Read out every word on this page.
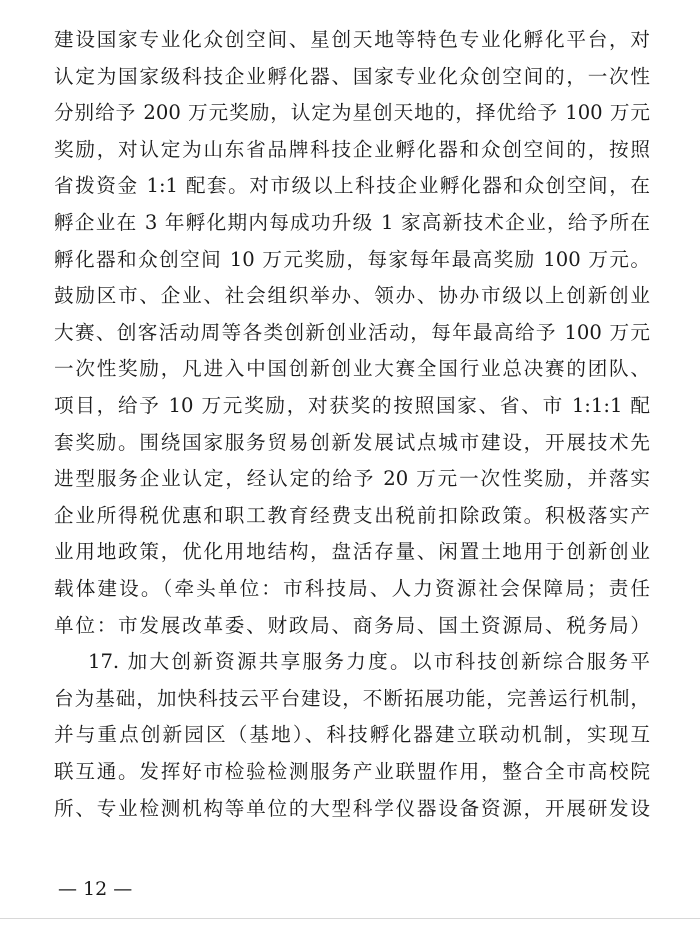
建设国家专业化众创空间、星创天地等特色专业化孵化平台，对
认定为国家级科技企业孵化器、国家专业化众创空间的，一次性
分别给予 200 万元奖励，认定为星创天地的，择优给予 100 万元
奖励，对认定为山东省品牌科技企业孵化器和众创空间的，按照
省拨资金 1:1 配套。对市级以上科技企业孵化器和众创空间，在
孵企业在 3 年孵化期内每成功升级 1 家高新技术企业，给予所在
孵化器和众创空间 10 万元奖励，每家每年最高奖励 100 万元。
鼓励区市、企业、社会组织举办、领办、协办市级以上创新创业
大赛、创客活动周等各类创新创业活动，每年最高给予 100 万元
一次性奖励，凡进入中国创新创业大赛全国行业总决赛的团队、
项目，给予 10 万元奖励，对获奖的按照国家、省、市 1:1:1 配
套奖励。围绕国家服务贸易创新发展试点城市建设，开展技术先
进型服务企业认定，经认定的给予 20 万元一次性奖励，并落实
企业所得税优惠和职工教育经费支出税前扣除政策。积极落实产
业用地政策，优化用地结构，盘活存量、闲置土地用于创新创业
载体建设。（牵头单位：市科技局、人力资源社会保障局；责任
单位：市发展改革委、财政局、商务局、国土资源局、税务局）
17. 加大创新资源共享服务力度。以市科技创新综合服务平
台为基础，加快科技云平台建设，不断拓展功能，完善运行机制，
并与重点创新园区（基地）、科技孵化器建立联动机制，实现互
联互通。发挥好市检验检测服务产业联盟作用，整合全市高校院
所、专业检测机构等单位的大型科学仪器设备资源，开展研发设
— 12 —
